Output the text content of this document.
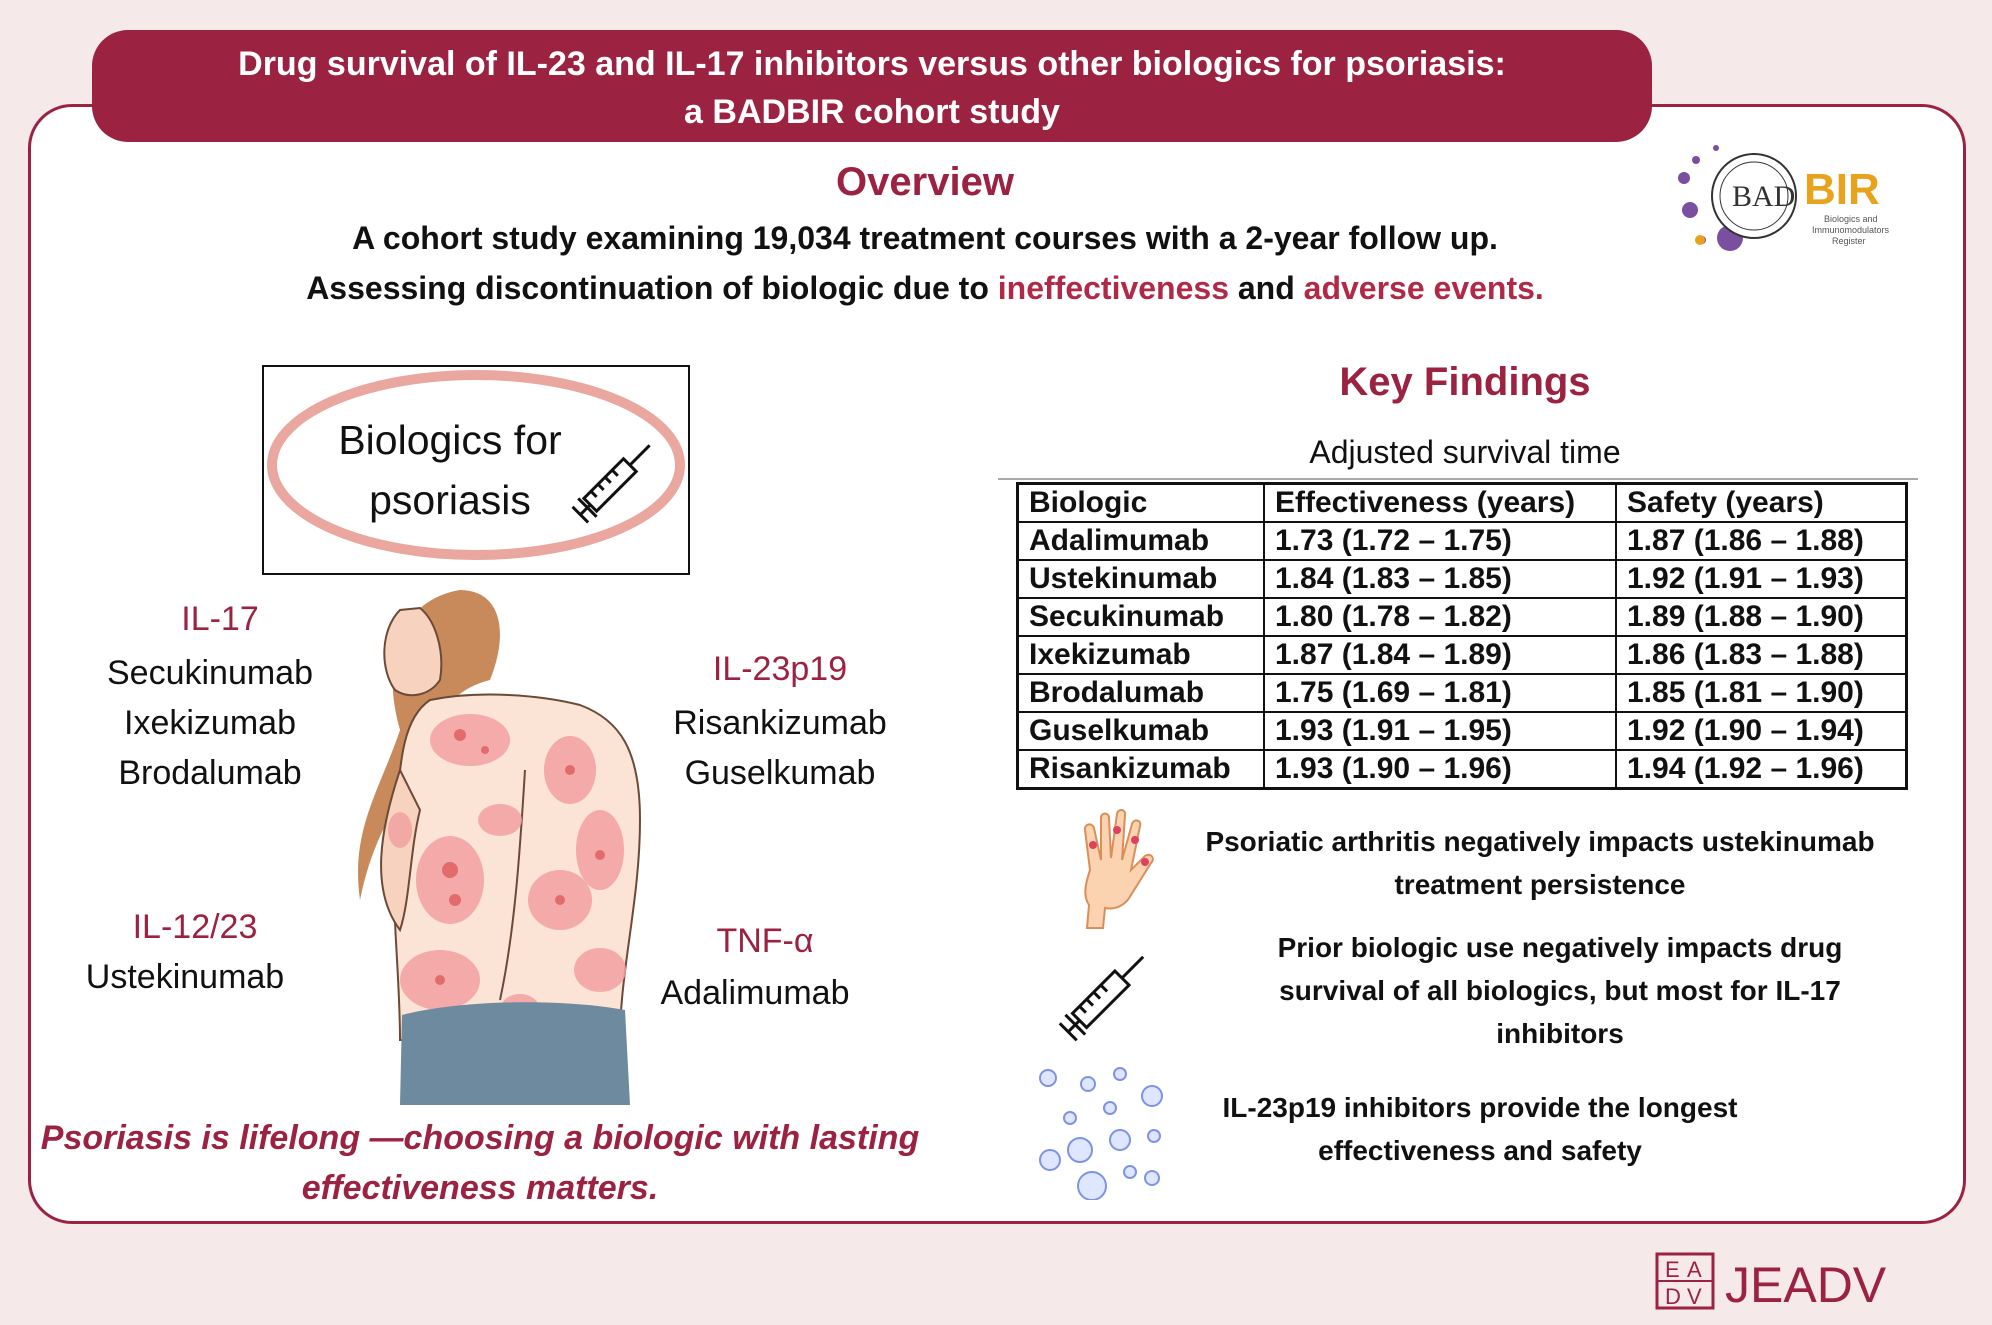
Drug survival of IL-23 and IL-17 inhibitors versus other biologics for psoriasis:
a BADBIR cohort study
Overview
A cohort study examining 19,034 treatment courses with a 2-year follow up.
Assessing discontinuation of biologic due to ineffectiveness and adverse events.
BAD BIR
Biologics and
Immunomodulators
Register
Biologics for
psoriasis
IL-17
Secukinumab
Ixekizumab
Brodalumab
IL-23p19
Risankizumab
Guselkumab
IL-12/23
Ustekinumab
TNF-α
Adalimumab
Psoriasis is lifelong —choosing a biologic with lasting
effectiveness matters.
Key Findings
Adjusted survival time
Biologic	Effectiveness (years)	Safety (years)
Adalimumab	1.73 (1.72 – 1.75)	1.87 (1.86 – 1.88)
Ustekinumab	1.84 (1.83 – 1.85)	1.92 (1.91 – 1.93)
Secukinumab	1.80 (1.78 – 1.82)	1.89 (1.88 – 1.90)
Ixekizumab	1.87 (1.84 – 1.89)	1.86 (1.83 – 1.88)
Brodalumab	1.75 (1.69 – 1.81)	1.85 (1.81 – 1.90)
Guselkumab	1.93 (1.91 – 1.95)	1.92 (1.90 – 1.94)
Risankizumab	1.93 (1.90 – 1.96)	1.94 (1.92 – 1.96)
Psoriatic arthritis negatively impacts ustekinumab
treatment persistence
Prior biologic use negatively impacts drug
survival of all biologics, but most for IL-17
inhibitors
IL-23p19 inhibitors provide the longest
effectiveness and safety
E A
D V JEADV
